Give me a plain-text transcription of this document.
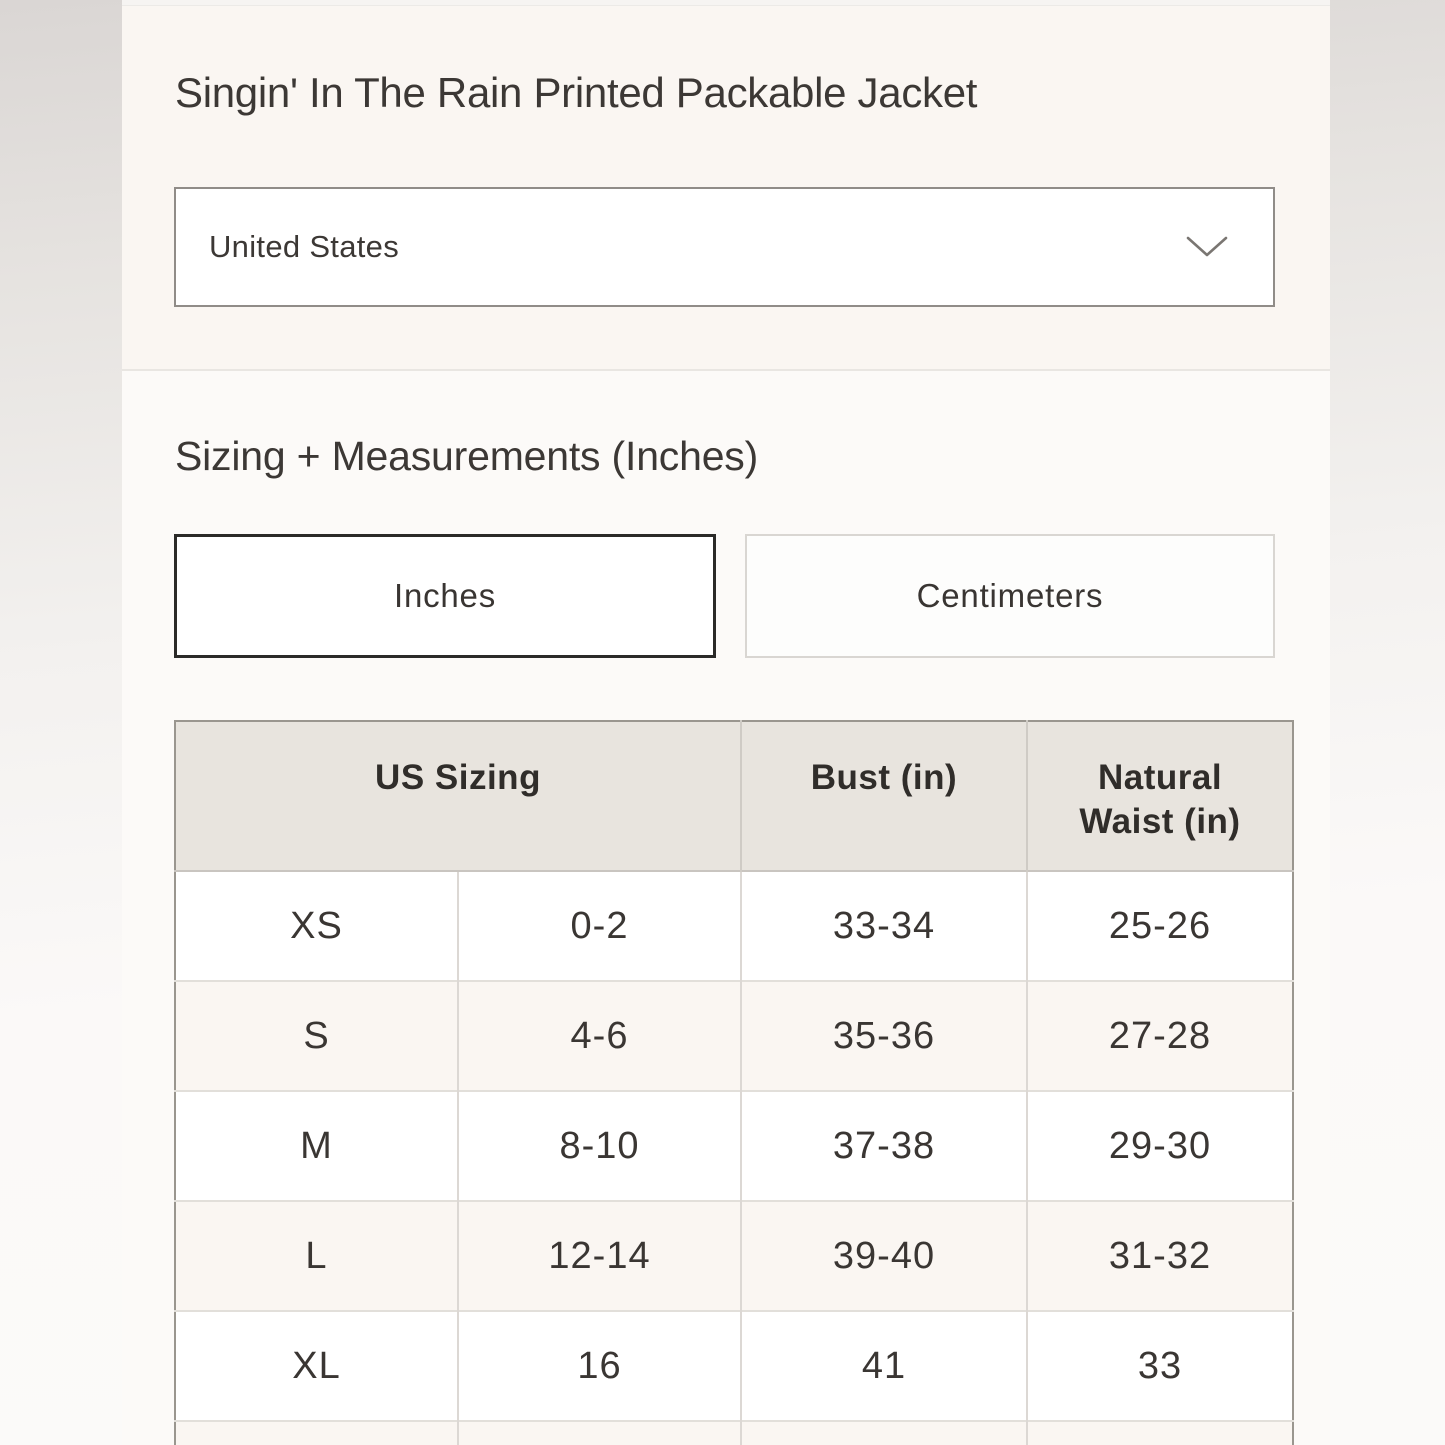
Singin' In The Rain Printed Packable Jacket
United States
Sizing + Measurements (Inches)
Inches	Centimeters
US Sizing		Bust (in)	Natural Waist (in)
XS	0-2	33-34	25-26
S	4-6	35-36	27-28
M	8-10	37-38	29-30
L	12-14	39-40	31-32
XL	16	41	33
